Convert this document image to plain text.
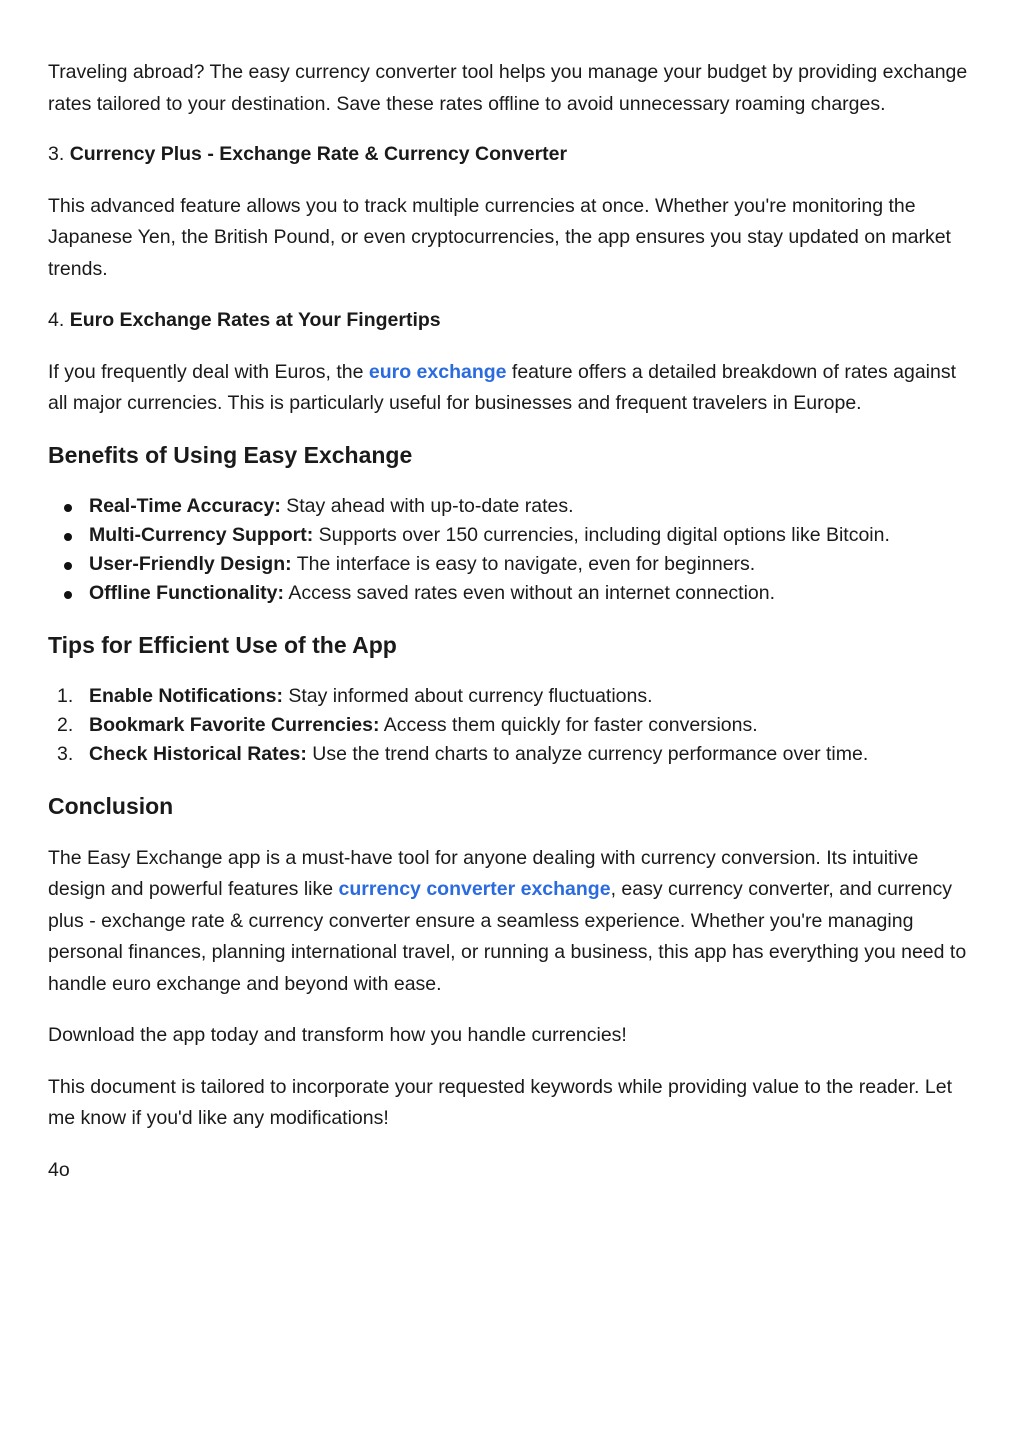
Traveling abroad? The easy currency converter tool helps you manage your budget by providing exchange rates tailored to your destination. Save these rates offline to avoid unnecessary roaming charges.

3. Currency Plus - Exchange Rate & Currency Converter

This advanced feature allows you to track multiple currencies at once. Whether you're monitoring the Japanese Yen, the British Pound, or even cryptocurrencies, the app ensures you stay updated on market trends.

4. Euro Exchange Rates at Your Fingertips

If you frequently deal with Euros, the euro exchange feature offers a detailed breakdown of rates against all major currencies. This is particularly useful for businesses and frequent travelers in Europe.

Benefits of Using Easy Exchange
Real-Time Accuracy: Stay ahead with up-to-date rates.
Multi-Currency Support: Supports over 150 currencies, including digital options like Bitcoin.
User-Friendly Design: The interface is easy to navigate, even for beginners.
Offline Functionality: Access saved rates even without an internet connection.
Tips for Efficient Use of the App
1. Enable Notifications: Stay informed about currency fluctuations.
2. Bookmark Favorite Currencies: Access them quickly for faster conversions.
3. Check Historical Rates: Use the trend charts to analyze currency performance over time.
Conclusion

The Easy Exchange app is a must-have tool for anyone dealing with currency conversion. Its intuitive design and powerful features like currency converter exchange, easy currency converter, and currency plus - exchange rate & currency converter ensure a seamless experience. Whether you're managing personal finances, planning international travel, or running a business, this app has everything you need to handle euro exchange and beyond with ease.

Download the app today and transform how you handle currencies!

This document is tailored to incorporate your requested keywords while providing value to the reader. Let me know if you'd like any modifications!

4o
